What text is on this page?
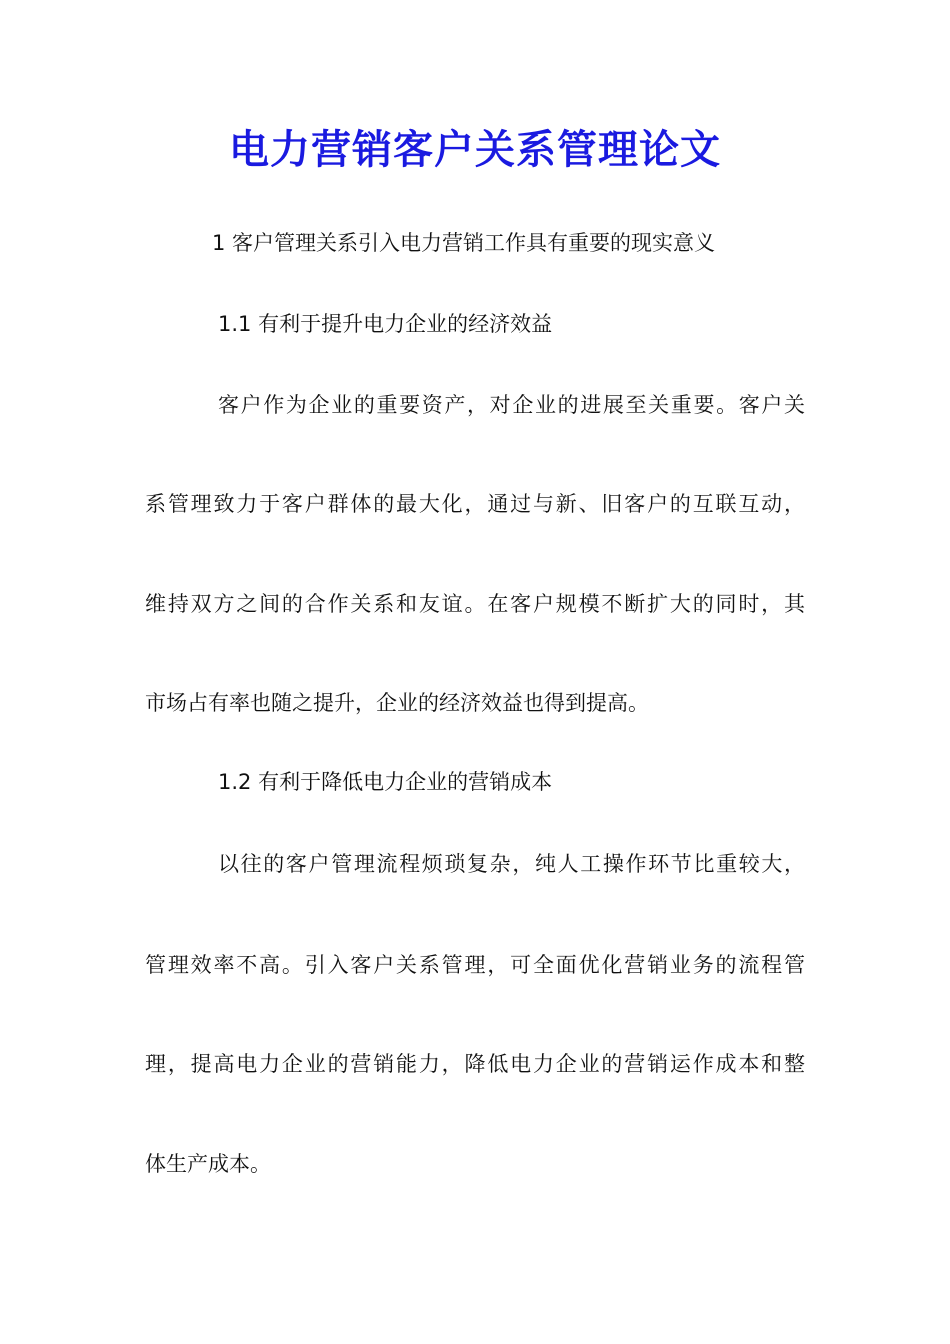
电力营销客户关系管理论文
1 客户管理关系引入电力营销工作具有重要的现实意义
1.1 有利于提升电力企业的经济效益
客户作为企业的重要资产，对企业的进展至关重要。客户关
系管理致力于客户群体的最大化，通过与新、旧客户的互联互动，
维持双方之间的合作关系和友谊。在客户规模不断扩大的同时，其
市场占有率也随之提升，企业的经济效益也得到提高。
1.2 有利于降低电力企业的营销成本
以往的客户管理流程烦琐复杂，纯人工操作环节比重较大，
管理效率不高。引入客户关系管理，可全面优化营销业务的流程管
理，提高电力企业的营销能力，降低电力企业的营销运作成本和整
体生产成本。
